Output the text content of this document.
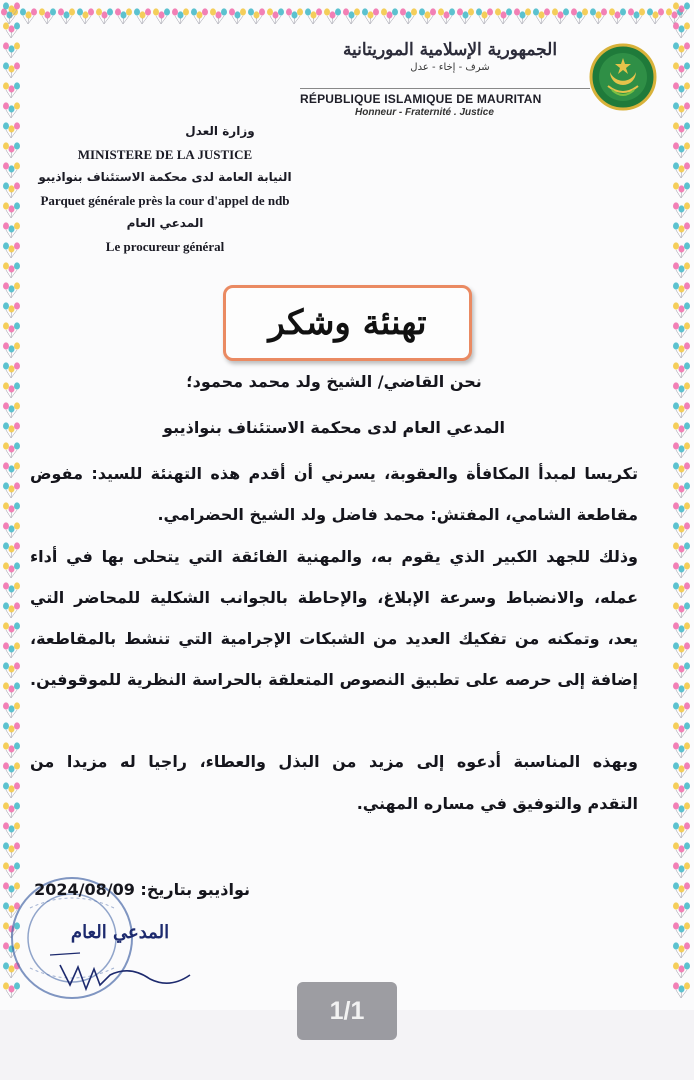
الجمهورية الإسلامية الموريتانية
شرف - إخاء - عدل
RÉPUBLIQUE ISLAMIQUE DE MAURITAN
Honneur - Fraternité . Justice
وزارة العدل
MINISTERE DE LA JUSTICE
النيابة العامة لدى محكمة الاستئناف بنواذيبو
Parquet générale près la cour d'appel de ndb
المدعي العام
Le procureur général
تهنئة وشكر
نحن القاضي/ الشيخ ولد محمد محمود؛
المدعي العام لدى محكمة الاستئناف بنواذيبو
تكريسا لمبدأ المكافأة والعقوبة، يسرني أن أقدم هذه التهنئة للسيد: مفوض
مقاطعة الشامي، المفتش: محمد فاضل ولد الشيخ الحضرامي.
وذلك للجهد الكبير الذي يقوم به، والمهنية الفائقة التي يتحلى بها في أداء
عمله، والانضباط وسرعة الإبلاغ، والإحاطة بالجوانب الشكلية للمحاضر التي
يعد، وتمكنه من تفكيك العديد من الشبكات الإجرامية التي تنشط بالمقاطعة،
إضافة إلى حرصه على تطبيق النصوص المتعلقة بالحراسة النظرية للموقوفين.
وبهذه المناسبة أدعوه إلى مزيد من البذل والعطاء، راجيا له مزيدا من
التقدم والتوفيق في مساره المهني.
نواذيبو بتاريخ: 2024/08/09
المدعي العام
1/1
